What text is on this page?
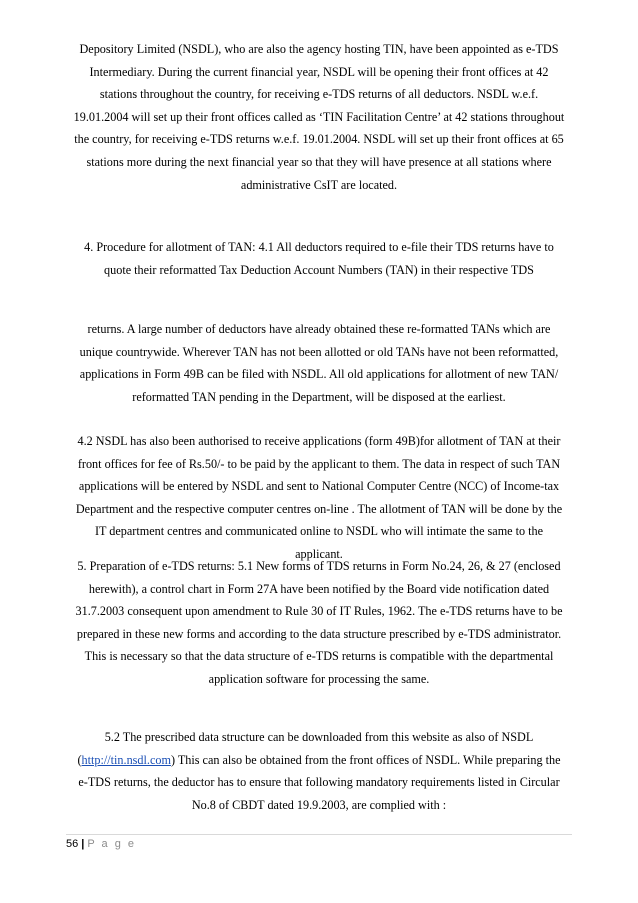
Depository Limited (NSDL), who are also the agency hosting TIN, have been appointed as e-TDS Intermediary. During the current financial year, NSDL will be opening their front offices at 42 stations throughout the country, for receiving e-TDS returns of all deductors. NSDL w.e.f. 19.01.2004 will set up their front offices called as ‘TIN Facilitation Centre’ at 42 stations throughout the country, for receiving e-TDS returns w.e.f. 19.01.2004. NSDL will set up their front offices at 65 stations more during the next financial year so that they will have presence at all stations where administrative CsIT are located.

4. Procedure for allotment of TAN: 4.1 All deductors required to e-file their TDS returns have to quote their reformatted Tax Deduction Account Numbers (TAN) in their respective TDS

returns. A large number of deductors have already obtained these re-formatted TANs which are unique countrywide. Wherever TAN has not been allotted or old TANs have not been reformatted, applications in Form 49B can be filed with NSDL. All old applications for allotment of new TAN/ reformatted TAN pending in the Department, will be disposed at the earliest.

4.2 NSDL has also been authorised to receive applications (form 49B)for allotment of TAN at their front offices for fee of Rs.50/- to be paid by the applicant to them. The data in respect of such TAN applications will be entered by NSDL and sent to National Computer Centre (NCC) of Income-tax Department and the respective computer centres on-line . The allotment of TAN will be done by the IT department centres and communicated online to NSDL who will intimate the same to the applicant.

5. Preparation of e-TDS returns: 5.1 New forms of TDS returns in Form No.24, 26, & 27 (enclosed herewith), a control chart in Form 27A have been notified by the Board vide notification dated 31.7.2003 consequent upon amendment to Rule 30 of IT Rules, 1962. The e-TDS returns have to be prepared in these new forms and according to the data structure prescribed by e-TDS administrator. This is necessary so that the data structure of e-TDS returns is compatible with the departmental application software for processing the same.

5.2 The prescribed data structure can be downloaded from this website as also of NSDL (http://tin.nsdl.com) This can also be obtained from the front offices of NSDL. While preparing the e-TDS returns, the deductor has to ensure that following mandatory requirements listed in Circular No.8 of CBDT dated 19.9.2003, are complied with :

56 | P a g e
